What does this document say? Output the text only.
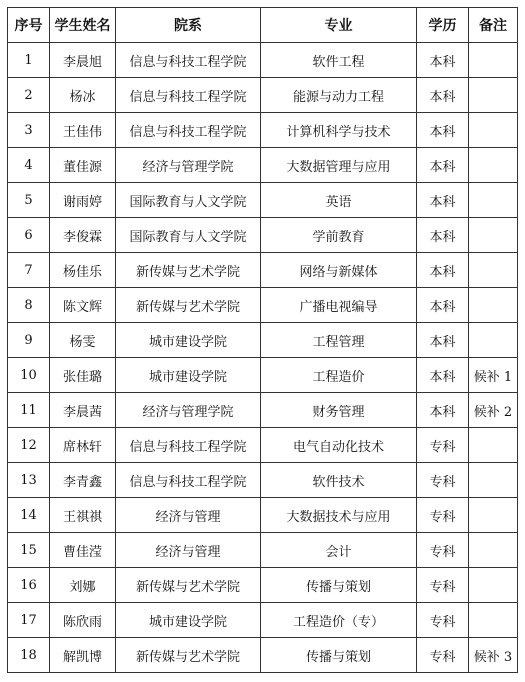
序号	学生姓名	院系	专业	学历	备注
1	李晨旭	信息与科技工程学院	软件工程	本科	
2	杨冰	信息与科技工程学院	能源与动力工程	本科	
3	王佳伟	信息与科技工程学院	计算机科学与技术	本科	
4	董佳源	经济与管理学院	大数据管理与应用	本科	
5	谢雨婷	国际教育与人文学院	英语	本科	
6	李俊霖	国际教育与人文学院	学前教育	本科	
7	杨佳乐	新传媒与艺术学院	网络与新媒体	本科	
8	陈文辉	新传媒与艺术学院	广播电视编导	本科	
9	杨雯	城市建设学院	工程管理	本科	
10	张佳璐	城市建设学院	工程造价	本科	候补 1
11	李晨茜	经济与管理学院	财务管理	本科	候补 2
12	席林轩	信息与科技工程学院	电气自动化技术	专科	
13	李青鑫	信息与科技工程学院	软件技术	专科	
14	王祺祺	经济与管理	大数据技术与应用	专科	
15	曹佳滢	经济与管理	会计	专科	
16	刘娜	新传媒与艺术学院	传播与策划	专科	
17	陈欣雨	城市建设学院	工程造价（专）	专科	
18	解凯博	新传媒与艺术学院	传播与策划	专科	候补 3
